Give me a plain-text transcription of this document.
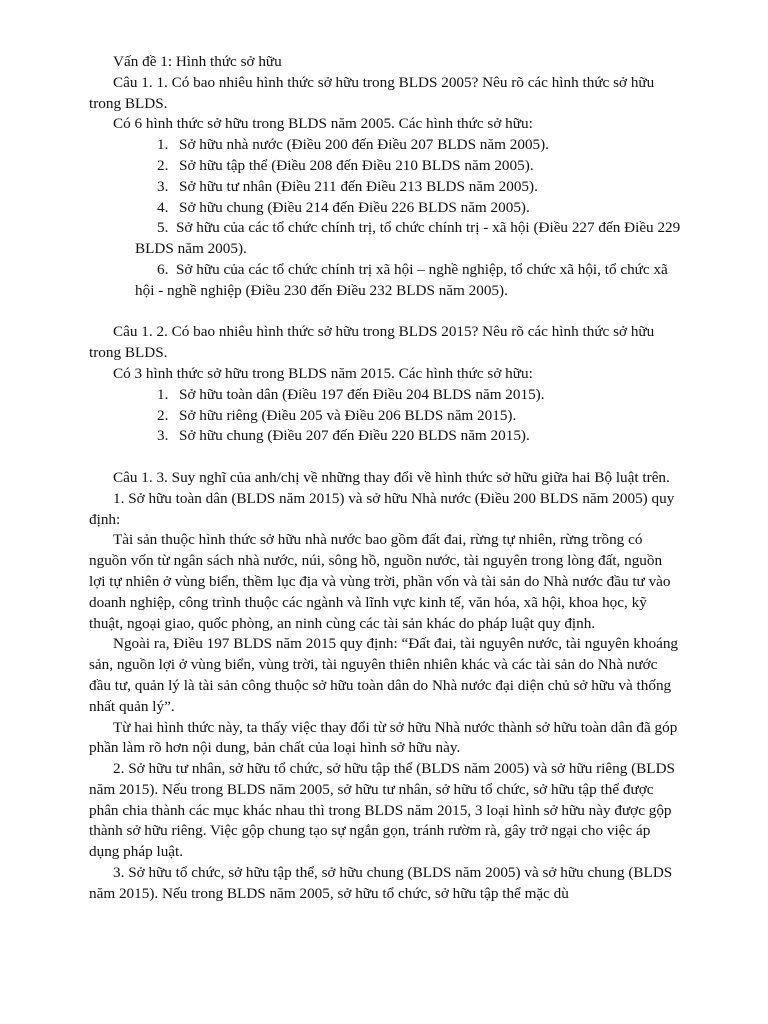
Vấn đề 1: Hình thức sở hữu

Câu 1. 1. Có bao nhiêu hình thức sở hữu trong BLDS 2005? Nêu rõ các hình thức sở hữu trong BLDS.

Có 6 hình thức sở hữu trong BLDS năm 2005. Các hình thức sở hữu:

1. Sở hữu nhà nước (Điều 200 đến Điều 207 BLDS năm 2005).
2. Sở hữu tập thể (Điều 208 đến Điều 210 BLDS năm 2005).
3. Sở hữu tư nhân (Điều 211 đến Điều 213 BLDS năm 2005).
4. Sở hữu chung (Điều 214 đến Điều 226 BLDS năm 2005).

5. Sở hữu của các tổ chức chính trị, tổ chức chính trị - xã hội (Điều 227 đến Điều 229 BLDS năm 2005).

6. Sở hữu của các tổ chức chính trị xã hội – nghề nghiệp, tổ chức xã hội, tổ chức xã hội - nghề nghiệp (Điều 230 đến Điều 232 BLDS năm 2005).

Câu 1. 2. Có bao nhiêu hình thức sở hữu trong BLDS 2015? Nêu rõ các hình thức sở hữu trong BLDS.

Có 3 hình thức sở hữu trong BLDS năm 2015. Các hình thức sở hữu:

1. Sở hữu toàn dân (Điều 197 đến Điều 204 BLDS năm 2015).
2. Sở hữu riêng (Điều 205 và Điều 206 BLDS năm 2015).
3. Sở hữu chung (Điều 207 đến Điều 220 BLDS năm 2015).

Câu 1. 3. Suy nghĩ của anh/chị về những thay đổi về hình thức sở hữu giữa hai Bộ luật trên.

1. Sở hữu toàn dân (BLDS năm 2015) và sở hữu Nhà nước (Điều 200 BLDS năm 2005) quy định:

Tài sản thuộc hình thức sở hữu nhà nước bao gồm đất đai, rừng tự nhiên, rừng trồng có nguồn vốn từ ngân sách nhà nước, núi, sông hồ, nguồn nước, tài nguyên trong lòng đất, nguồn lợi tự nhiên ở vùng biển, thềm lục địa và vùng trời, phần vốn và tài sản do Nhà nước đầu tư vào doanh nghiệp, công trình thuộc các ngành và lĩnh vực kinh tế, văn hóa, xã hội, khoa học, kỹ thuật, ngoại giao, quốc phòng, an ninh cùng các tài sản khác do pháp luật quy định.

Ngoài ra, Điều 197 BLDS năm 2015 quy định: “Đất đai, tài nguyên nước, tài nguyên khoáng sản, nguồn lợi ở vùng biển, vùng trời, tài nguyên thiên nhiên khác và các tài sản do Nhà nước đầu tư, quản lý là tài sản công thuộc sở hữu toàn dân do Nhà nước đại diện chủ sở hữu và thống nhất quản lý”.

Từ hai hình thức này, ta thấy việc thay đổi từ sở hữu Nhà nước thành sở hữu toàn dân đã góp phần làm rõ hơn nội dung, bản chất của loại hình sở hữu này.

2. Sở hữu tư nhân, sở hữu tổ chức, sở hữu tập thể (BLDS năm 2005) và sở hữu riêng (BLDS năm 2015). Nếu trong BLDS năm 2005, sở hữu tư nhân, sở hữu tổ chức, sở hữu tập thể được phân chia thành các mục khác nhau thì trong BLDS năm 2015, 3 loại hình sở hữu này được gộp thành sở hữu riêng. Việc gộp chung tạo sự ngắn gọn, tránh rườm rà, gây trở ngại cho việc áp dụng pháp luật.

3. Sở hữu tổ chức, sở hữu tập thể, sở hữu chung (BLDS năm 2005) và sở hữu chung (BLDS năm 2015). Nếu trong BLDS năm 2005, sở hữu tổ chức, sở hữu tập thể mặc dù
